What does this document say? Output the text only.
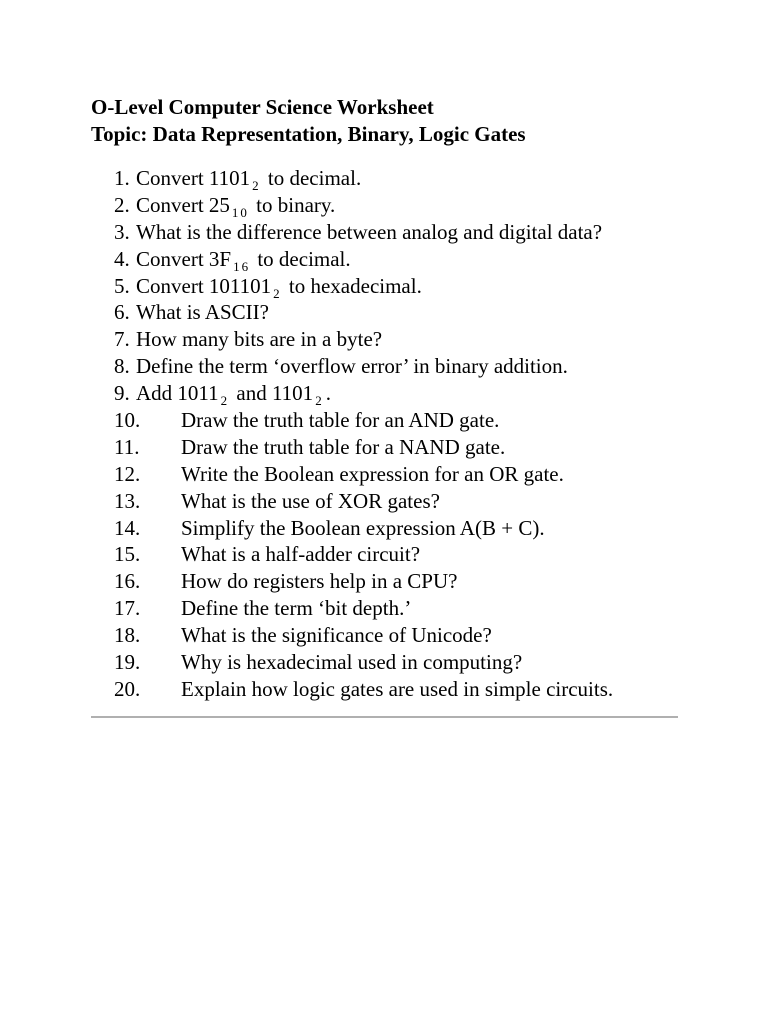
O-Level Computer Science Worksheet
Topic: Data Representation, Binary, Logic Gates
1. Convert 1101 $_2$ to decimal.
2. Convert 25 $_{10}$ to binary.
3. What is the difference between analog and digital data?
4. Convert 3F $_{16}$ to decimal.
5. Convert 101101 $_2$ to hexadecimal.
6. What is ASCII?
7. How many bits are in a byte?
8. Define the term ‘overflow error’ in binary addition.
9. Add 1011 $_2$ and 1101 $_2$.
10. Draw the truth table for an AND gate.
11. Draw the truth table for a NAND gate.
12. Write the Boolean expression for an OR gate.
13. What is the use of XOR gates?
14. Simplify the Boolean expression A(B + C).
15. What is a half-adder circuit?
16. How do registers help in a CPU?
17. Define the term ‘bit depth.’
18. What is the significance of Unicode?
19. Why is hexadecimal used in computing?
20. Explain how logic gates are used in simple circuits.
